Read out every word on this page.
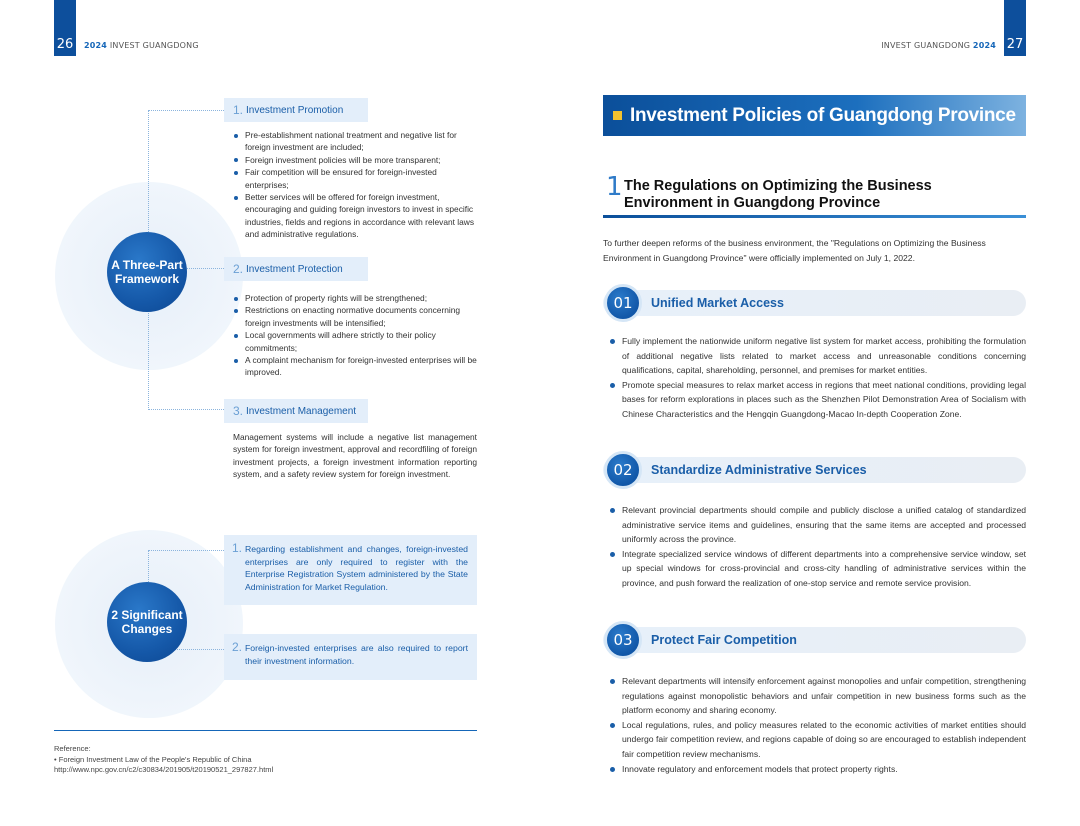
26	2024 INVEST GUANGDONG	INVEST GUANGDONG 2024 27
A Three-Part Framework
2 Significant Changes
1. Investment Promotion
Pre-establishment national treatment and negative list for foreign investment are included;
Foreign investment policies will be more transparent;
Fair competition will be ensured for foreign-invested enterprises;
Better services will be offered for foreign investment, encouraging and guiding foreign investors to invest in specific industries, fields and regions in accordance with relevant laws and administrative regulations.
2. Investment Protection
Protection of property rights will be strengthened;
Restrictions on enacting normative documents concerning foreign investments will be intensified;
Local governments will adhere strictly to their policy commitments;
A complaint mechanism for foreign-invested enterprises will be improved.
3. Investment Management

Management systems will include a negative list management system for foreign investment, approval and recordfiling of foreign investment projects, a foreign investment information reporting system, and a safety review system for foreign investment.

1. Regarding establishment and changes, foreign-invested enterprises are only required to register with the Enterprise Registration System administered by the State Administration for Market Regulation.
2. Foreign-invested enterprises are also required to report their investment information.
Reference:
• Foreign Investment Law of the People's Republic of China
http://www.npc.gov.cn/c2/c30834/201905/t20190521_297827.html
Investment Policies of Guangdong Province
1 The Regulations on Optimizing the Business Environment in Guangdong Province

To further deepen reforms of the business environment, the "Regulations on Optimizing the Business Environment in Guangdong Province" were officially implemented on July 1, 2022.

01 Unified Market Access
Fully implement the nationwide uniform negative list system for market access, prohibiting the formulation of additional negative lists related to market access and unreasonable conditions concerning qualifications, capital, shareholding, personnel, and premises for market entities.
Promote special measures to relax market access in regions that meet national conditions, providing legal bases for reform explorations in places such as the Shenzhen Pilot Demonstration Area of Socialism with Chinese Characteristics and the Hengqin Guangdong-Macao In-depth Cooperation Zone.
02 Standardize Administrative Services
Relevant provincial departments should compile and publicly disclose a unified catalog of standardized administrative service items and guidelines, ensuring that the same items are accepted and processed uniformly across the province.
Integrate specialized service windows of different departments into a comprehensive service window, set up special windows for cross-provincial and cross-city handling of administrative services within the province, and push forward the realization of one-stop service and remote service provision.
03 Protect Fair Competition
Relevant departments will intensify enforcement against monopolies and unfair competition, strengthening regulations against monopolistic behaviors and unfair competition in new business forms such as the platform economy and sharing economy.
Local regulations, rules, and policy measures related to the economic activities of market entities should undergo fair competition review, and regions capable of doing so are encouraged to establish independent fair competition review mechanisms.
Innovate regulatory and enforcement models that protect property rights.
